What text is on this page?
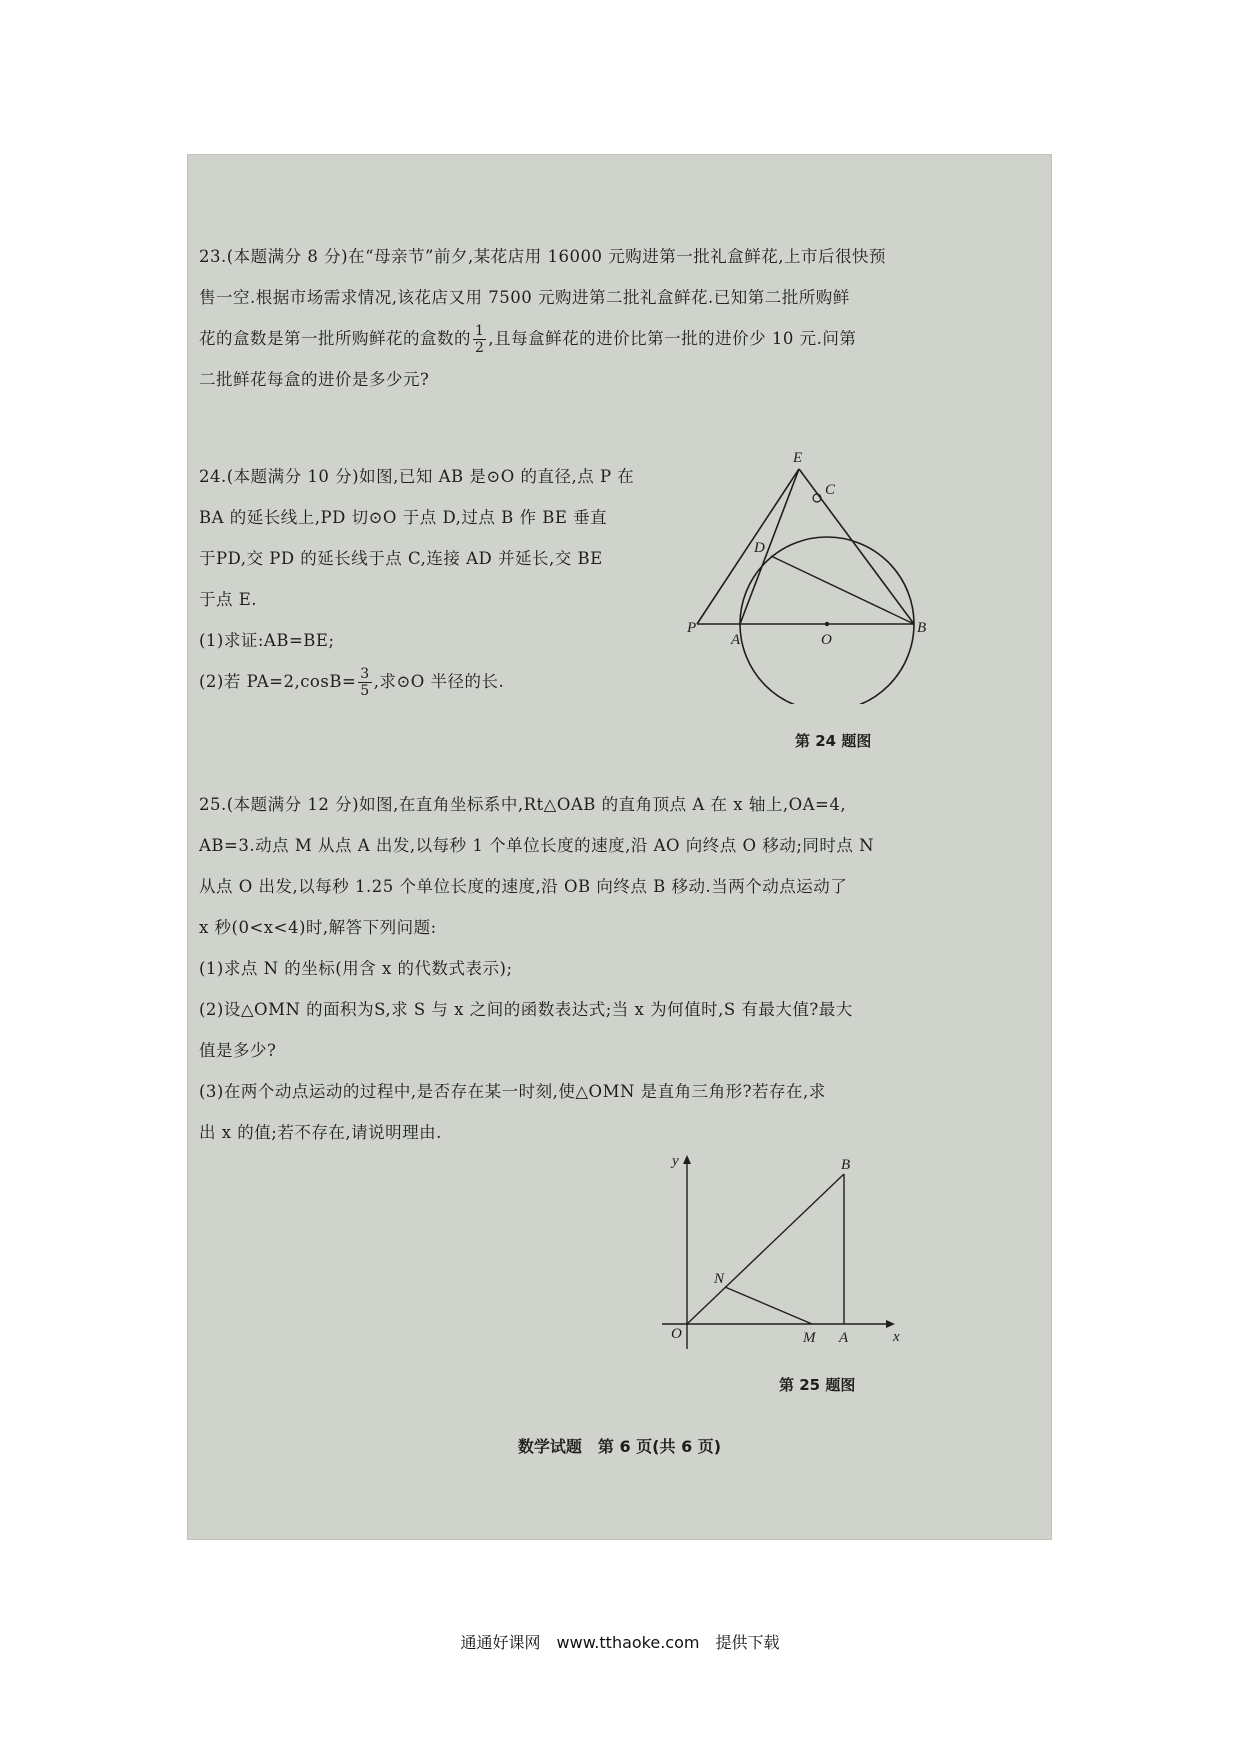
23.(本题满分 8 分)在“母亲节”前夕,某花店用 16000 元购进第一批礼盒鲜花,上市后很快预
售一空.根据市场需求情况,该花店又用 7500 元购进第二批礼盒鲜花.已知第二批所购鲜
花的盒数是第一批所购鲜花的盒数的 $\frac{1}{2}$ ,且每盒鲜花的进价比第一批的进价少 10 元.问第
二批鲜花每盒的进价是多少元?
24.(本题满分 10 分)如图,已知 AB 是⊙O 的直径,点 P 在
BA 的延长线上,PD 切⊙O 于点 D,过点 B 作 BE 垂直
于PD,交 PD 的延长线于点 C,连接 AD 并延长,交 BE
于点 E.
(1)求证:AB=BE;
(2)若 $PA=2,\cos B= \frac{3}{5}$ ,求⊙O 半径的长.
E
C
D
P
A	O
B
第 24 题图
25.(本题满分 12 分)如图,在直角坐标系中,Rt△OAB 的直角顶点 A 在 x 轴上,OA=4,
AB=3.动点 M 从点 A 出发,以每秒 1 个单位长度的速度,沿 AO 向终点 O 移动;同时点 N
从点 O 出发,以每秒 1.25 个单位长度的速度,沿 OB 向终点 B 移动.当两个动点运动了
x 秒(0<x<4)时,解答下列问题:
(1)求点 N 的坐标(用含 x 的代数式表示);
(2)设△OMN 的面积为S,求 S 与 x 之间的函数表达式;当 x 为何值时,S 有最大值?最大
值是多少?
(3)在两个动点运动的过程中,是否存在某一时刻,使△OMN 是直角三角形?若存在,求
出 x 的值;若不存在,请说明理由.
y	B
N
O	M A	x
第 25 题图
数学试题　第 6 页(共 6 页)
通通好课网　www.tthaoke.com　提供下载
